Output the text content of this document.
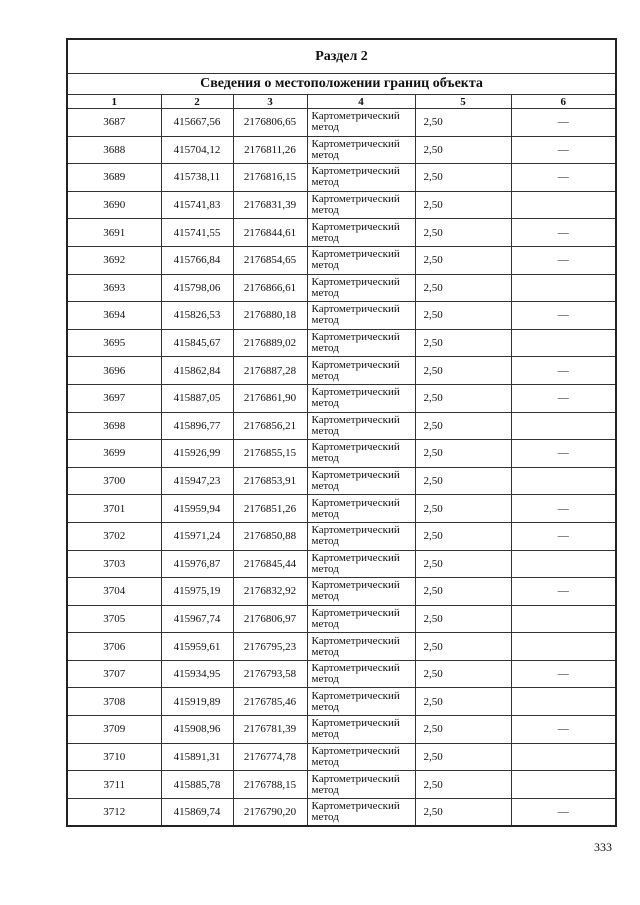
Раздел 2					
Сведения о местоположении границ объекта					
1	2	3	4	5	6
3687	415667,56	2176806,65	Картометрический метод	2,50	—
3688	415704,12	2176811,26	Картометрический метод	2,50	—
3689	415738,11	2176816,15	Картометрический метод	2,50	—
3690	415741,83	2176831,39	Картометрический метод	2,50	
3691	415741,55	2176844,61	Картометрический метод	2,50	—
3692	415766,84	2176854,65	Картометрический метод	2,50	—
3693	415798,06	2176866,61	Картометрический метод	2,50	
3694	415826,53	2176880,18	Картометрический метод	2,50	—
3695	415845,67	2176889,02	Картометрический метод	2,50	
3696	415862,84	2176887,28	Картометрический метод	2,50	—
3697	415887,05	2176861,90	Картометрический метод	2,50	—
3698	415896,77	2176856,21	Картометрический метод	2,50	
3699	415926,99	2176855,15	Картометрический метод	2,50	—
3700	415947,23	2176853,91	Картометрический метод	2,50	
3701	415959,94	2176851,26	Картометрический метод	2,50	—
3702	415971,24	2176850,88	Картометрический метод	2,50	—
3703	415976,87	2176845,44	Картометрический метод	2,50	
3704	415975,19	2176832,92	Картометрический метод	2,50	—
3705	415967,74	2176806,97	Картометрический метод	2,50	
3706	415959,61	2176795,23	Картометрический метод	2,50	
3707	415934,95	2176793,58	Картометрический метод	2,50	—
3708	415919,89	2176785,46	Картометрический метод	2,50	
3709	415908,96	2176781,39	Картометрический метод	2,50	—
3710	415891,31	2176774,78	Картометрический метод	2,50	
3711	415885,78	2176788,15	Картометрический метод	2,50	
3712	415869,74	2176790,20	Картометрический метод	2,50	—
333
